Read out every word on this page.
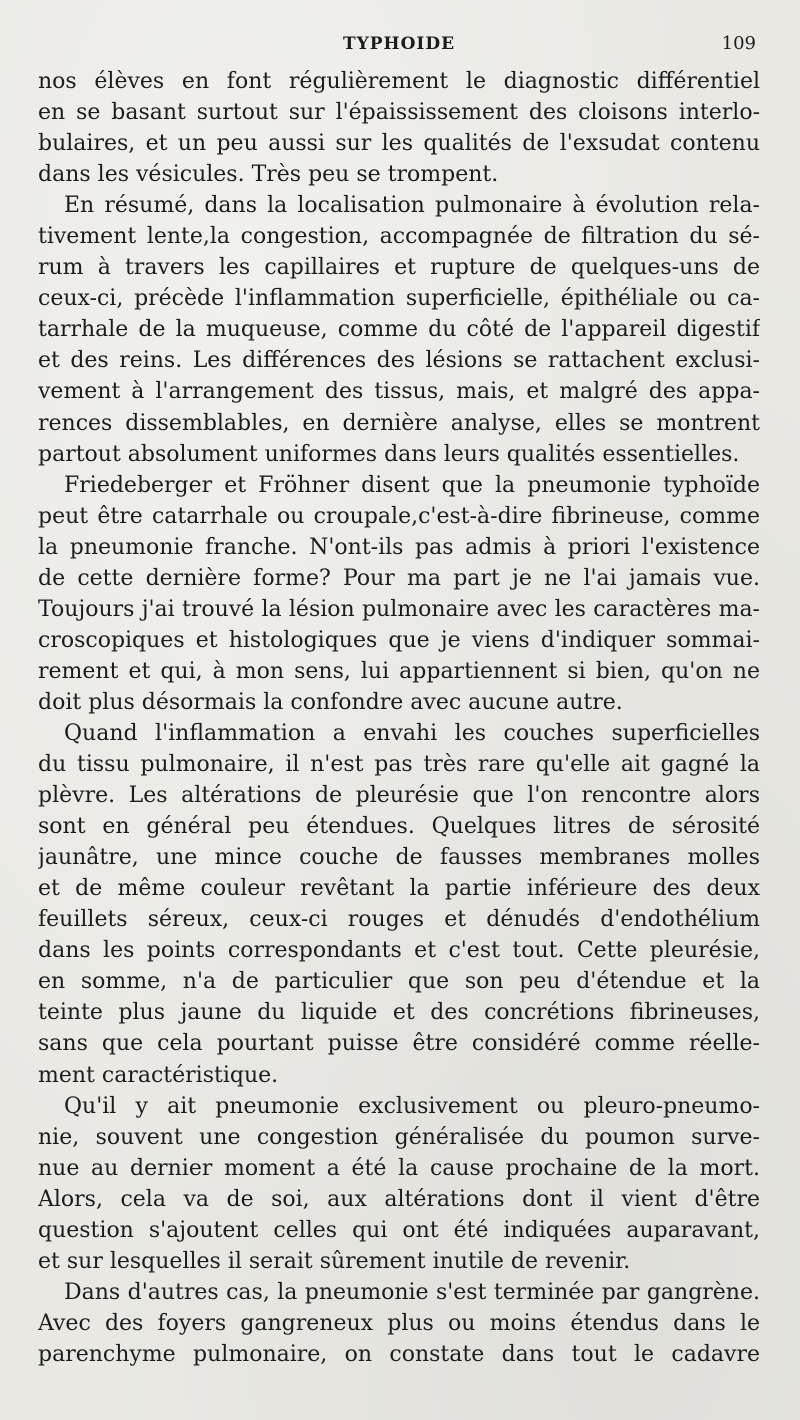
TYPHOIDE	109
nos élèves en font régulièrement le diagnostic différentiel
en se basant surtout sur l'épaississement des cloisons interlo-
bulaires, et un peu aussi sur les qualités de l'exsudat contenu
dans les vésicules. Très peu se trompent.
En résumé, dans la localisation pulmonaire à évolution rela-
tivement lente,la congestion, accompagnée de filtration du sé-
rum à travers les capillaires et rupture de quelques-uns de
ceux-ci, précède l'inflammation superficielle, épithéliale ou ca-
tarrhale de la muqueuse, comme du côté de l'appareil digestif
et des reins. Les différences des lésions se rattachent exclusi-
vement à l'arrangement des tissus, mais, et malgré des appa-
rences dissemblables, en dernière analyse, elles se montrent
partout absolument uniformes dans leurs qualités essentielles.
Friedeberger et Fröhner disent que la pneumonie typhoïde
peut être catarrhale ou croupale,c'est-à-dire fibrineuse, comme
la pneumonie franche. N'ont-ils pas admis à priori l'existence
de cette dernière forme? Pour ma part je ne l'ai jamais vue.
Toujours j'ai trouvé la lésion pulmonaire avec les caractères ma-
croscopiques et histologiques que je viens d'indiquer sommai-
rement et qui, à mon sens, lui appartiennent si bien, qu'on ne
doit plus désormais la confondre avec aucune autre.
Quand l'inflammation a envahi les couches superficielles
du tissu pulmonaire, il n'est pas très rare qu'elle ait gagné la
plèvre. Les altérations de pleurésie que l'on rencontre alors
sont en général peu étendues. Quelques litres de sérosité
jaunâtre, une mince couche de fausses membranes molles
et de même couleur revêtant la partie inférieure des deux
feuillets séreux, ceux-ci rouges et dénudés d'endothélium
dans les points correspondants et c'est tout. Cette pleurésie,
en somme, n'a de particulier que son peu d'étendue et la
teinte plus jaune du liquide et des concrétions fibrineuses,
sans que cela pourtant puisse être considéré comme réelle-
ment caractéristique.
Qu'il y ait pneumonie exclusivement ou pleuro-pneumo-
nie, souvent une congestion généralisée du poumon surve-
nue au dernier moment a été la cause prochaine de la mort.
Alors, cela va de soi, aux altérations dont il vient d'être
question s'ajoutent celles qui ont été indiquées auparavant,
et sur lesquelles il serait sûrement inutile de revenir.
Dans d'autres cas, la pneumonie s'est terminée par gangrène.
Avec des foyers gangreneux plus ou moins étendus dans le
parenchyme pulmonaire, on constate dans tout le cadavre
